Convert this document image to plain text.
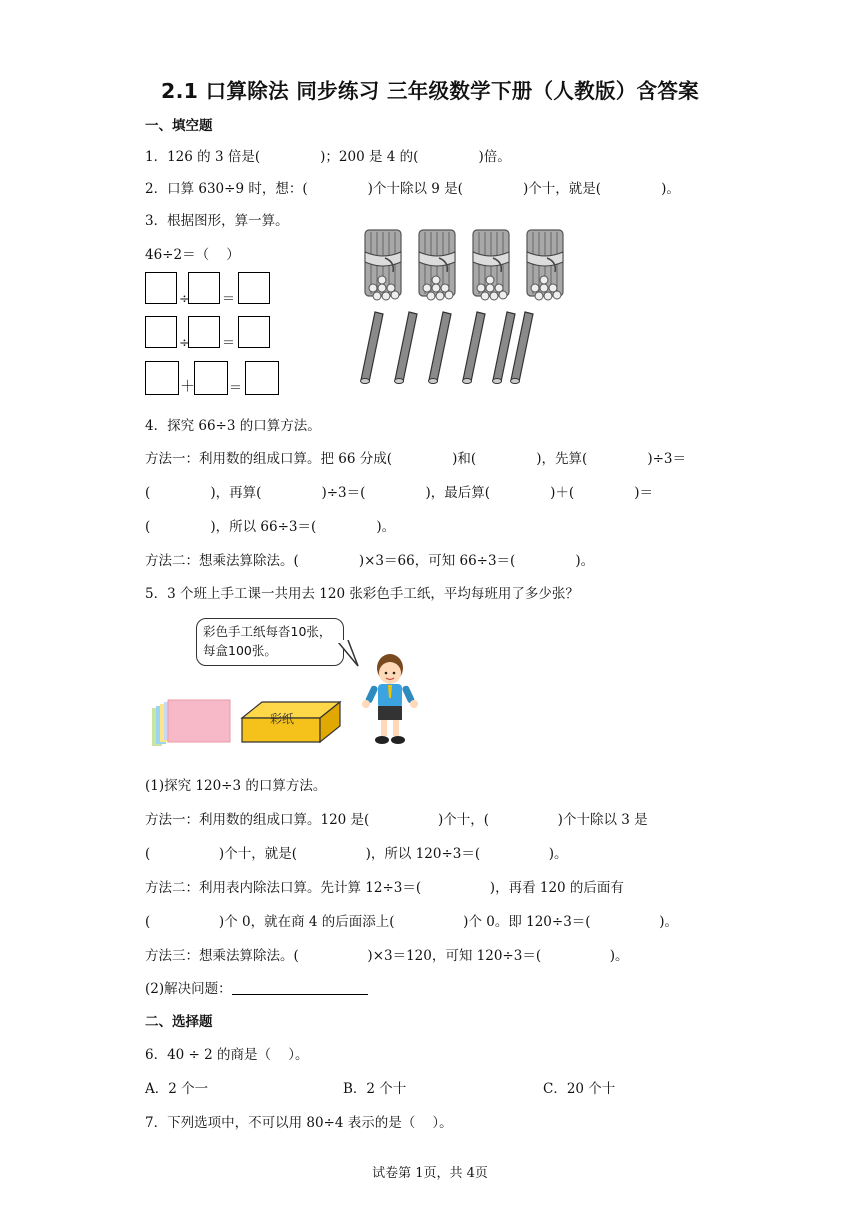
2.1 口算除法 同步练习 三年级数学下册（人教版）含答案
一、填空题
1．126 的 3 倍是(              )；200 是 4 的(              )倍。
2．口算 630÷9 时，想：(              )个十除以 9 是(              )个十，就是(              )。
3．根据图形，算一算。
46÷2＝（    ）
÷ ＝
÷ ＝
＋	＝
4．探究 66÷3 的口算方法。
方法一：利用数的组成口算。把 66 分成(              )和(              )，先算(              )÷3＝
(              )，再算(              )÷3＝(              )，最后算(              )＋(              )＝
(              )，所以 66÷3＝(              )。
方法二：想乘法算除法。(              )×3＝66，可知 66÷3＝(              )。
5．3 个班上手工课一共用去 120 张彩色手工纸，平均每班用了多少张？
彩色手工纸每沓10张，
每盒100张。
彩纸
(1)探究 120÷3 的口算方法。
方法一：利用数的组成口算。120 是(                )个十，(                )个十除以 3 是
(                )个十，就是(                )，所以 120÷3＝(                )。
方法二：利用表内除法口算。先计算 12÷3＝(                )，再看 120 的后面有
(                )个 0，就在商 4 的后面添上(                )个 0。即 120÷3＝(                )。
方法三：想乘法算除法。(                )×3＝120，可知 120÷3＝(                )。
(2)解决问题：
二、选择题
6．40 ÷ 2 的商是（    ）。
A．2 个一	B．2 个十	C．20 个十
7．下列选项中，不可以用 80÷4 表示的是（    ）。
试卷第 1页，共 4页
